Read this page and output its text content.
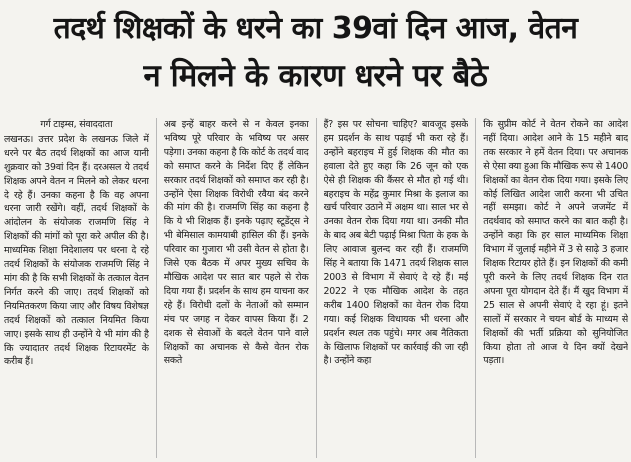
तदर्थ शिक्षकों के धरने का 39वां दिन आज, वेतन
न मिलने के कारण धरने पर बैठे
गर्ग टाइम्स, संवाददाता

लखनऊ। उत्तर प्रदेश के लखनऊ जिले में धरने पर बैठ तदर्थ शिक्षकों का आज यानी शुक्रवार को 39वां दिन हैं। दरअसल ये तदर्थ शिक्षक अपने वेतन न मिलने को लेकर धरना दे रहे हैं। उनका कहना है कि वह अपना धरना जारी रखेंगे। वहीं, तदर्थ शिक्षकों के आंदोलन के संयोजक राजमणि सिंह ने शिक्षकों की मांगों को पूरा करे अपील की है।माध्यमिक शिक्षा निदेशालय पर धरना दे रहे तदर्थ शिक्षकों के संयोजक राजमणि सिंह ने मांग की है कि सभी शिक्षकों के तत्काल वेतन निर्गत करने की जाए। तदर्थ शिक्षकों को नियमितकरण किया जाए और विषय विशेषज्ञ तदर्थ शिक्षकों को तत्काल नियमित किया जाए। इसके साथ ही उन्होंने ये भी मांग की है कि ज्यादातर तदर्थ शिक्षक रिटायरमेंट के करीब हैं।

अब इन्हें बाहर करने से न केवल इनका भविष्य पूरे परिवार के भविष्य पर असर पड़ेगा। उनका कहना है कि कोर्ट के तदर्थ वाद को समाप्त करने के निर्देश दिए हैं लेकिन सरकार तदर्थ शिक्षकों को समाप्त कर रही है। उन्होंने ऐसा शिक्षक विरोधी रवैया बंद करने की मांग की है। राजमणि सिंह का कहना है कि ये भी शिक्षक हैं। इनके पढ़ाए स्टूडेंट्स ने भी बेमिसाल कामयाबी हासिल की हैं। इनके परिवार का गुजारा भी उसी वेतन से होता है। जिसे एक बैठक में अपर मुख्य सचिव के मौखिक आदेश पर सात बार पहले से रोक दिया गया हैं। प्रदर्शन के साथ हम याचना कर रहे हैं। विरोधी दलों के नेताओं को सम्मान मंच पर जगह न देकर वापस किया हैं। 2 दशक से सेवाओं के बदले वेतन पाने वाले शिक्षकों का अचानक से कैसे वेतन रोक सकते

हैं? इस पर सोचना चाहिए? बावजूद इसके हम प्रदर्शन के साथ पढ़ाई भी करा रहे हैं। उन्होंने बहराइच में हुई शिक्षक की मौत का हवाला देते हुए कहा कि 26 जून को एक ऐसे ही शिक्षक की कैंसर से मौत हो गई थी। बहराइच के महेंद्र कुमार मिश्रा के इलाज का खर्च परिवार उठाने में अक्षम था। साल भर से उनका वेतन रोक दिया गया था। उनकी मौत के बाद अब बेटी पढ़ाई मिश्रा पिता के हक के लिए आवाज बुलन्द कर रही हैं। राजमणि सिंह ने बताया कि 1471 तदर्थ शिक्षक साल 2003 से विभाग में सेवाएं दे रहे हैं। मई 2022 ने एक मौखिक आदेश के तहत करीब 1400 शिक्षकों का वेतन रोक दिया गया। कई शिक्षक विधायक भी धरना और प्रदर्शन स्थल तक पहुंचे। मगर अब नैतिकता के खिलाफ शिक्षकों पर कार्रवाई की जा रही है। उन्होंने कहा

कि सुप्रीम कोर्ट ने वेतन रोकने का आदेश नहीं दिया। आदेश आने के 15 महीने बाद तक सरकार ने हमें वेतन दिया। पर अचानक से ऐसा क्या हुआ कि मौखिक रूप से 1400 शिक्षकों का वेतन रोक दिया गया। इसके लिए कोई लिखित आदेश जारी करना भी उचित नहीं समझा। कोर्ट ने अपने जजमेंट में तदर्थवाद को समाप्त करने का बात कही है। उन्होंने कहा कि हर साल माध्यमिक शिक्षा विभाग में जुलाई महीने में 3 से साढ़े 3 हजार शिक्षक रिटायर होते हैं। इन शिक्षकों की कमी पूरी करने के लिए तदर्थ शिक्षक दिन रात अपना पूरा योगदान देते हैं। मैं खुद विभाग में 25 साल से अपनी सेवाएं दे रहा हूं। इतने सालों में सरकार ने चयन बोर्ड के माध्यम से शिक्षकों की भर्ती प्रक्रिया को सुनियोजित किया होता तो आज ये दिन क्यों देखने पड़ता।
